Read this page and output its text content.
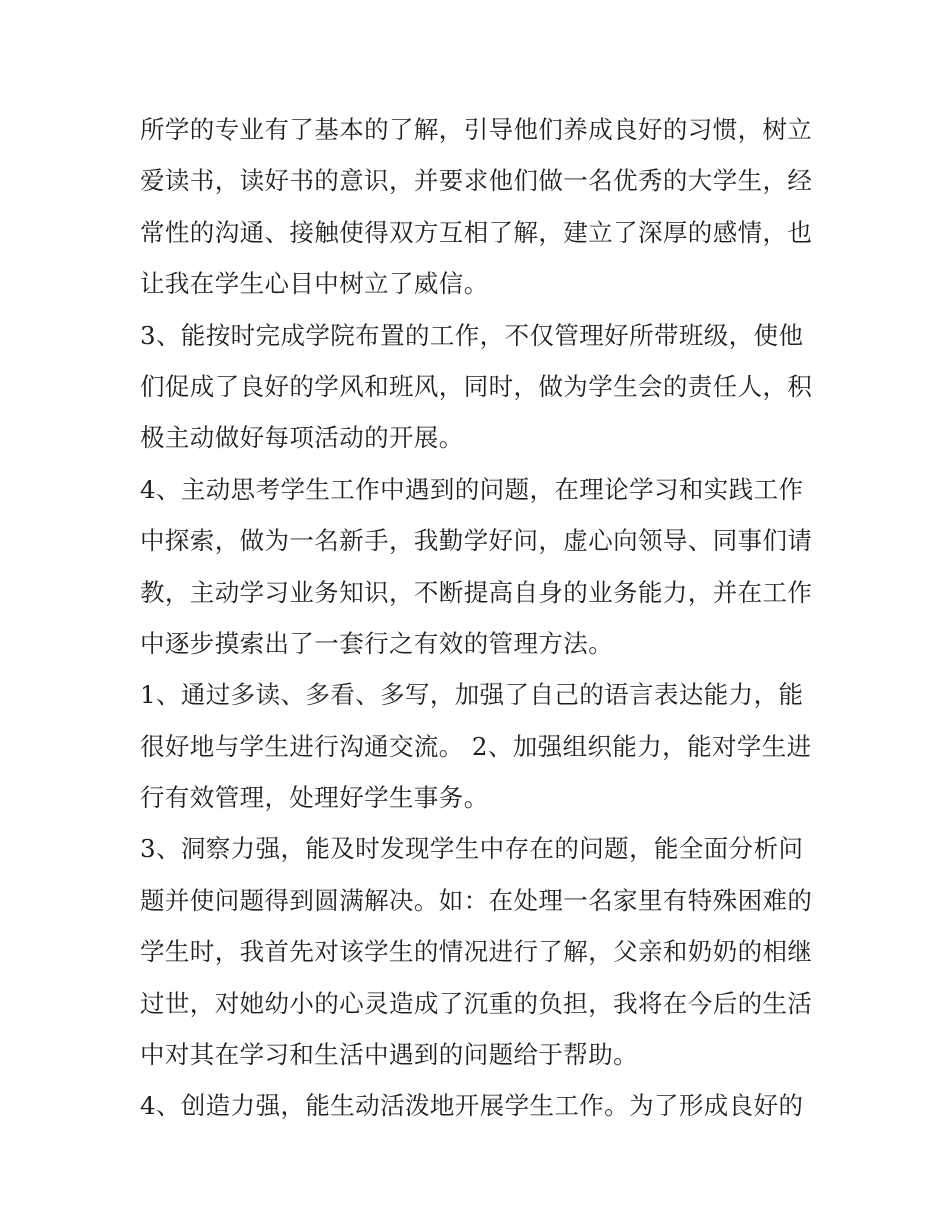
所学的专业有了基本的了解，引导他们养成良好的习惯，树立
爱读书，读好书的意识，并要求他们做一名优秀的大学生，经
常性的沟通、接触使得双方互相了解，建立了深厚的感情，也
让我在学生心目中树立了威信。
3、能按时完成学院布置的工作，不仅管理好所带班级，使他
们促成了良好的学风和班风，同时，做为学生会的责任人，积
极主动做好每项活动的开展。
4、主动思考学生工作中遇到的问题，在理论学习和实践工作
中探索，做为一名新手，我勤学好问，虚心向领导、同事们请
教，主动学习业务知识，不断提高自身的业务能力，并在工作
中逐步摸索出了一套行之有效的管理方法。
1、通过多读、多看、多写，加强了自己的语言表达能力，能
很好地与学生进行沟通交流。 2、加强组织能力，能对学生进
行有效管理，处理好学生事务。
3、洞察力强，能及时发现学生中存在的问题，能全面分析问
题并使问题得到圆满解决。如：在处理一名家里有特殊困难的
学生时，我首先对该学生的情况进行了解，父亲和奶奶的相继
过世，对她幼小的心灵造成了沉重的负担，我将在今后的生活
中对其在学习和生活中遇到的问题给于帮助。
4、创造力强，能生动活泼地开展学生工作。为了形成良好的
